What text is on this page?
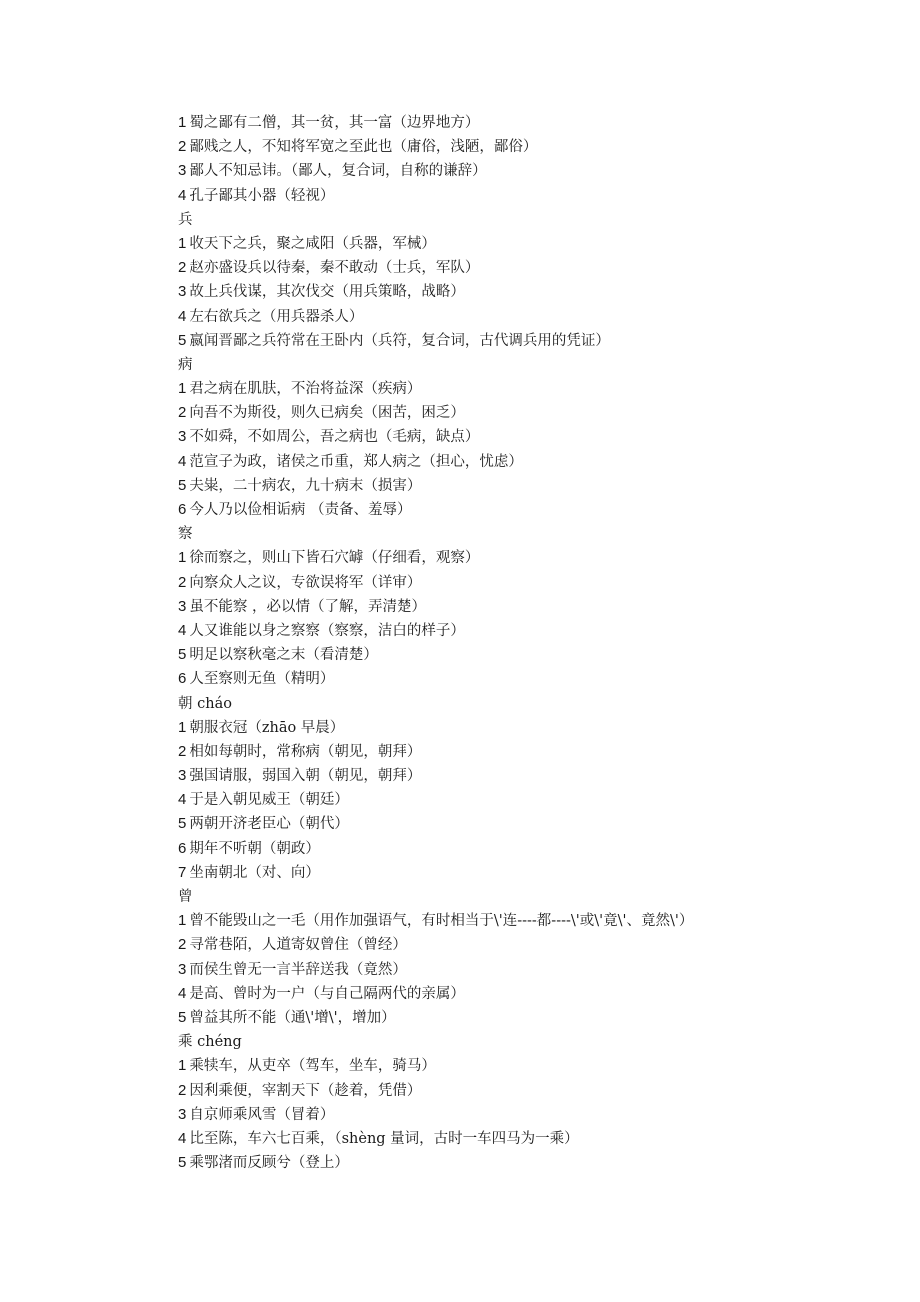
1 蜀之鄙有二僧，其一贫，其一富（边界地方）
2 鄙贱之人，不知将军宽之至此也（庸俗，浅陋，鄙俗）
3 鄙人不知忌讳。（鄙人，复合词，自称的谦辞）
4 孔子鄙其小器（轻视）
兵
1 收天下之兵，聚之咸阳（兵器，军械）
2 赵亦盛设兵以待秦，秦不敢动（士兵，军队）
3 故上兵伐谋，其次伐交（用兵策略，战略）
4 左右欲兵之（用兵器杀人）
5 嬴闻晋鄙之兵符常在王卧内（兵符，复合词，古代调兵用的凭证）
病
1 君之病在肌肤，不治将益深（疾病）
2 向吾不为斯役，则久已病矣（困苦，困乏）
3 不如舜，不如周公，吾之病也（毛病，缺点）
4 范宣子为政，诸侯之币重，郑人病之（担心，忧虑）
5 夫粜，二十病农，九十病末（损害）
6 今人乃以俭相诟病 （责备、羞辱）
察
1 徐而察之，则山下皆石穴罅（仔细看，观察）
2 向察众人之议，专欲误将军（详审）
3 虽不能察 ，必以情（了解，弄清楚）
4 人又谁能以身之察察（察察，洁白的样子）
5 明足以察秋毫之末（看清楚）
6 人至察则无鱼（精明）
朝 cháo
1 朝服衣冠（zhāo 早晨）
2 相如每朝时，常称病（朝见，朝拜）
3 强国请服，弱国入朝（朝见，朝拜）
4 于是入朝见威王（朝廷）
5 两朝开济老臣心（朝代）
6 期年不听朝（朝政）
7 坐南朝北（对、向）
曾
1 曾不能毁山之一毛（用作加强语气，有时相当于\'连----都----\'或\'竟\'、竟然\'）
2 寻常巷陌，人道寄奴曾住（曾经）
3 而侯生曾无一言半辞送我（竟然）
4 是高、曾时为一户（与自己隔两代的亲属）
5 曾益其所不能（通\'增\'，增加）
乘 chéng
1 乘犊车，从吏卒（驾车，坐车，骑马）
2 因利乘便，宰割天下（趁着，凭借）
3 自京师乘风雪（冒着）
4 比至陈，车六七百乘，（shèng 量词，古时一车四马为一乘）
5 乘鄂渚而反顾兮（登上）
